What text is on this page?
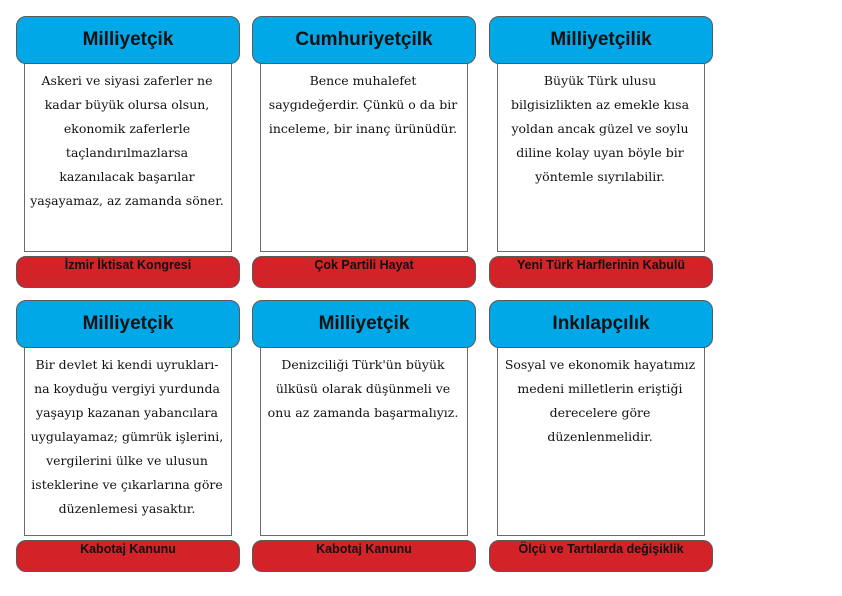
Milliyetçik
Askeri ve siyasi zaferler ne kadar büyük olursa olsun, ekonomik zaferlerle taçlandırılmazlarsa kazanılacak başarılar yaşayamaz, az zamanda söner.
İzmir İktisat Kongresi
Cumhuriyetçilk
Bence muhalefet saygıdeğerdir. Çünkü o da bir inceleme, bir inanç ürünüdür.
Çok Partili Hayat
Milliyetçilik
Büyük Türk ulusu bilgisizlikten az emekle kısa yoldan ancak güzel ve soylu diline kolay uyan böyle bir yöntemle sıyrılabilir.
Yeni Türk Harflerinin Kabulü
Milliyetçik
Bir devlet ki kendi uyruklarına koyduğu vergiyi yurdunda yaşayıp kazanan yabancılara uygulayamaz; gümrük işlerini, vergilerini ülke ve ulusun isteklerine ve çıkarlarına göre düzenlemesi yasaktır.
Kabotaj Kanunu
Milliyetçik
Denizciliği Türk'ün büyük ülküsü olarak düşünmeli ve onu az zamanda başarmalıyız.
Kabotaj Kanunu
Inkılapçılık
Sosyal ve ekonomik hayatımız medeni milletlerin eriştiği derecelere göre düzenlenmelidir.
Ölçü ve Tartılarda değişiklik
